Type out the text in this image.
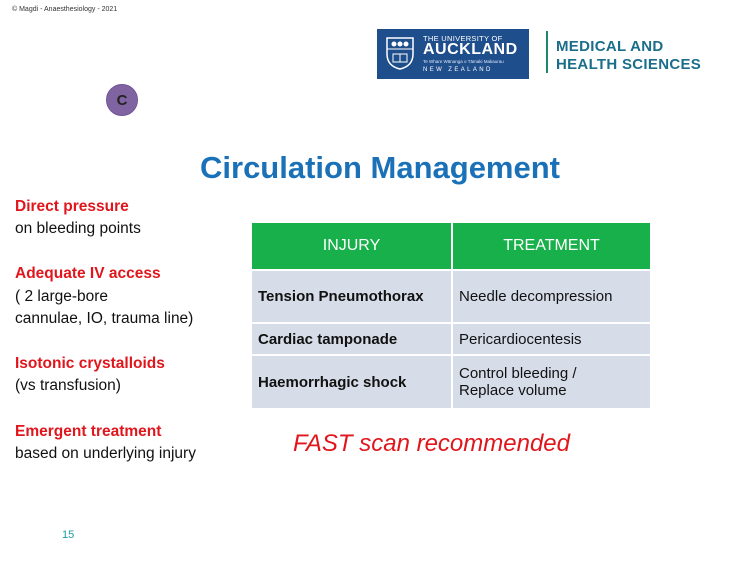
© Magdi - Anaesthesiology - 2021
THE UNIVERSITY OF
AUCKLAND
Te Whare Wānanga o Tāmaki Makaurau
NEW ZEALAND
MEDICAL AND
HEALTH SCIENCES
C
Circulation Management
Direct pressure
on bleeding points
Adequate IV access
( 2 large-bore
cannulae, IO, trauma line)
Isotonic crystalloids
(vs transfusion)
Emergent treatment
based on underlying injury
INJURY	TREATMENT
Tension Pneumothorax	Needle decompression
Cardiac tamponade	Pericardiocentesis
Haemorrhagic shock	Control bleeding /
Replace volume
FAST scan recommended
15
